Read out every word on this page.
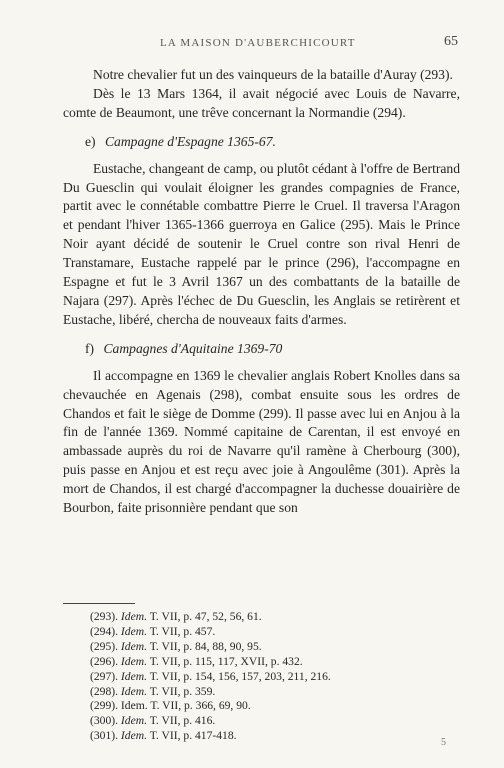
LA MAISON D'AUBERCHICOURT	65

Notre chevalier fut un des vainqueurs de la bataille d'Auray (293).

Dès le 13 Mars 1364, il avait négocié avec Louis de Navarre, comte de Beaumont, une trêve concernant la Normandie (294).

e) Campagne d'Espagne 1365-67.

Eustache, changeant de camp, ou plutôt cédant à l'offre de Bertrand Du Guesclin qui voulait éloigner les grandes compagnies de France, partit avec le connétable combattre Pierre le Cruel. Il traversa l'Aragon et pendant l'hiver 1365-1366 guerroya en Galice (295). Mais le Prince Noir ayant décidé de soutenir le Cruel contre son rival Henri de Transtamare, Eustache rappelé par le prince (296), l'accompagne en Espagne et fut le 3 Avril 1367 un des combattants de la bataille de Najara (297). Après l'échec de Du Guesclin, les Anglais se retirèrent et Eustache, libéré, chercha de nouveaux faits d'armes.

f) Campagnes d'Aquitaine 1369-70

Il accompagne en 1369 le chevalier anglais Robert Knolles dans sa chevauchée en Agenais (298), combat ensuite sous les ordres de Chandos et fait le siège de Domme (299). Il passe avec lui en Anjou à la fin de l'année 1369. Nommé capitaine de Carentan, il est envoyé en ambassade auprès du roi de Navarre qu'il ramène à Cherbourg (300), puis passe en Anjou et est reçu avec joie à Angoulême (301). Après la mort de Chandos, il est chargé d'accompagner la duchesse douairière de Bourbon, faite prisonnière pendant que son

(293). Idem. T. VII, p. 47, 52, 56, 61.
(294). Idem. T. VII, p. 457.
(295). Idem. T. VII, p. 84, 88, 90, 95.
(296). Idem. T. VII, p. 115, 117, XVII, p. 432.
(297). Idem. T. VII, p. 154, 156, 157, 203, 211, 216.
(298). Idem. T. VII, p. 359.
(299). Idem. T. VII, p. 366, 69, 90.
(300). Idem. T. VII, p. 416.
(301). Idem. T. VII, p. 417-418.
5
